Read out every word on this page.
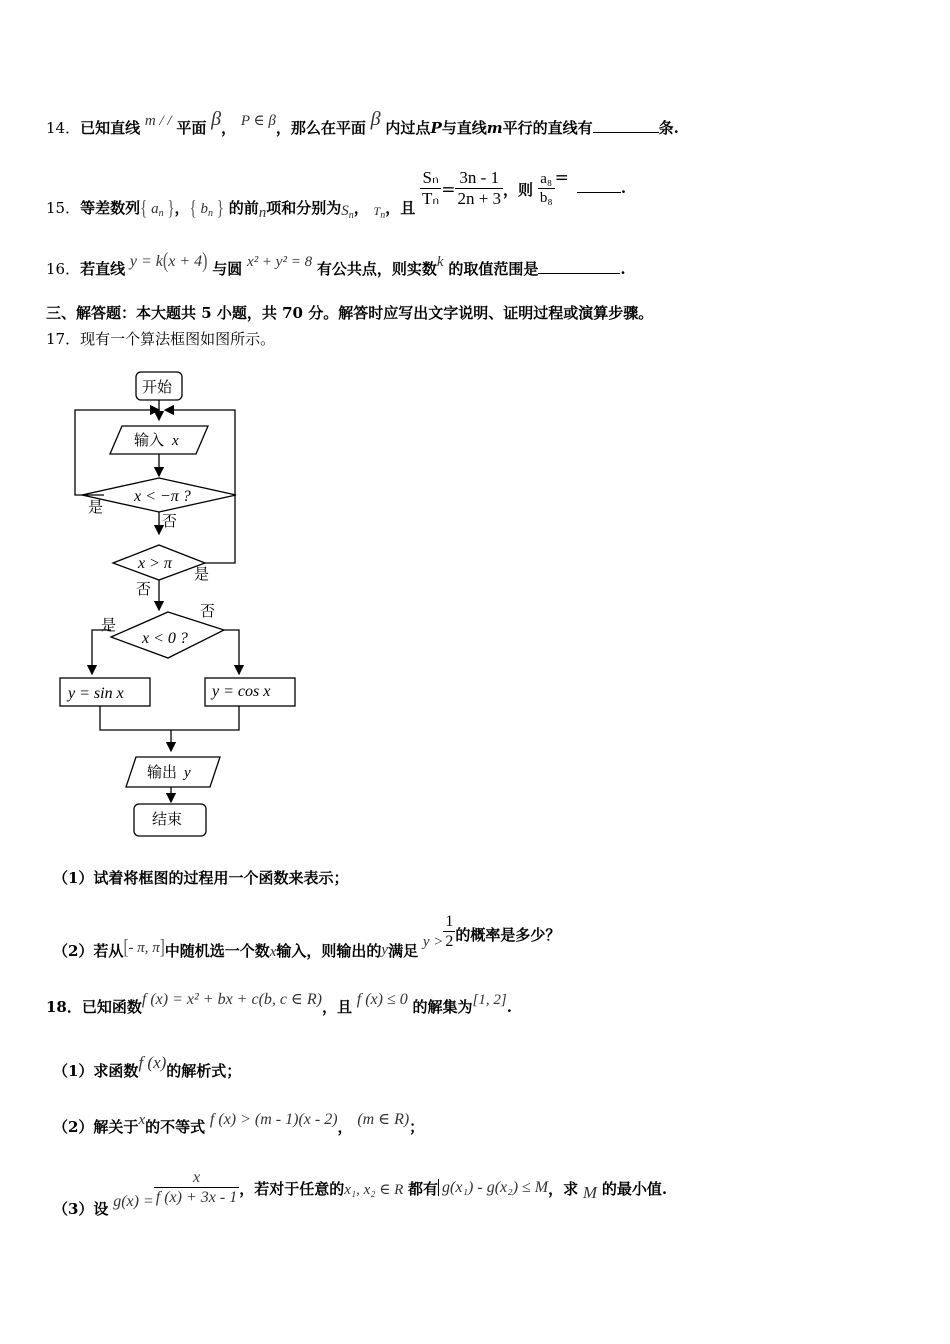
14．已知直线 m / / 平面 β， P ∈ β，那么在平面 β 内过点P与直线m平行的直线有	条.
15．等差数列{ $a_n$ }，{ $b_n$ } 的前n项和分别为$S_n$， $_{T_n}$，且 $\frac{\text{Sₙ}}{\text{Tₙ}} = \frac{3n - 1}{2n + 3}$ ，则 $\frac{\text{a₈}}{\text{b₈}}$ =	.
16．若直线 y = k(x + 4) 与圆 x² + y² = 8 有公共点，则实数k 的取值范围是	.
三、解答题：本大题共 5 小题，共 70 分。解答时应写出文字说明、证明过程或演算步骤。
17．现有一个算法框图如图所示。
开始
输入 x
x < −π ?
是
否
x > π
是
否
是
否
x < 0 ?
y = sin x	y = cos x
输出 y
结束
（1）试着将框图的过程用一个函数来表示；
（2）若从[- π, π]中随机选一个数x输入，则输出的y满足 $y > \frac{1}{2}$ 的概率是多少？
18．已知函数f (x) = x² + bx + c(b, c ∈ R)，且 f (x) ≤ 0 的解集为[1, 2].
（1）求函数f (x)的解析式；
（2）解关于x的不等式 f (x) > (m - 1)(x - 2)， (m ∈ R)；
（3）设 $g(x) = \frac{x}{f (x) + 3x - 1}$ ，若对于任意的x₁, x₂ ∈ R 都有 g(x₁) - g(x₂) ≤ M，求 M 的最小值.
